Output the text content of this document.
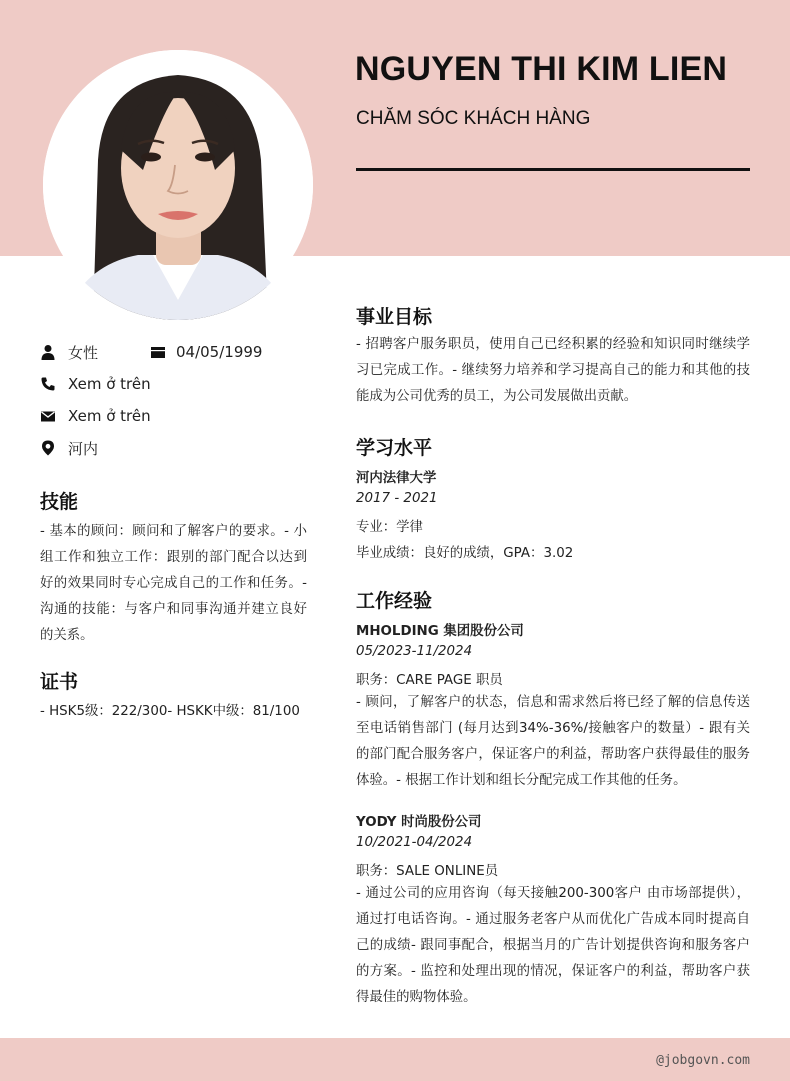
NGUYEN THI KIM LIEN
CHĂM SÓC KHÁCH HÀNG
女性	04/05/1999
Xem ở trên
Xem ở trên
河内
技能
- 基本的顾问：顾问和了解客户的要求。- 小组工作和独立工作：跟别的部门配合以达到好的效果同时专心完成自己的工作和任务。- 沟通的技能：与客户和同事沟通并建立良好的关系。
证书
- HSK5级：222/300- HSKK中级：81/100
事业目标
- 招聘客户服务职员，使用自己已经积累的经验和知识同时继续学习已完成工作。- 继续努力培养和学习提高自己的能力和其他的技能成为公司优秀的员工，为公司发展做出贡献。
学习水平
河内法律大学
2017 - 2021
专业：学律
毕业成绩：良好的成绩，GPA：3.02
工作经验
MHOLDING 集团股份公司
05/2023-11/2024
职务：CARE PAGE 职员
- 顾问，了解客户的状态，信息和需求然后将已经了解的信息传送至电话销售部门 (每月达到34%-36%/接触客户的数量）- 跟有关的部门配合服务客户，保证客户的利益，帮助客户获得最佳的服务体验。- 根据工作计划和组长分配完成工作其他的任务。
YODY 时尚股份公司
10/2021-04/2024
职务：SALE ONLINE员
- 通过公司的应用咨询（每天接触200-300客户 由市场部提供），通过打电话咨询。- 通过服务老客户从而优化广告成本同时提高自己的成绩- 跟同事配合，根据当月的广告计划提供咨询和服务客户的方案。- 监控和处理出现的情况，保证客户的利益，帮助客户获得最佳的购物体验。
@jobgovn.com
